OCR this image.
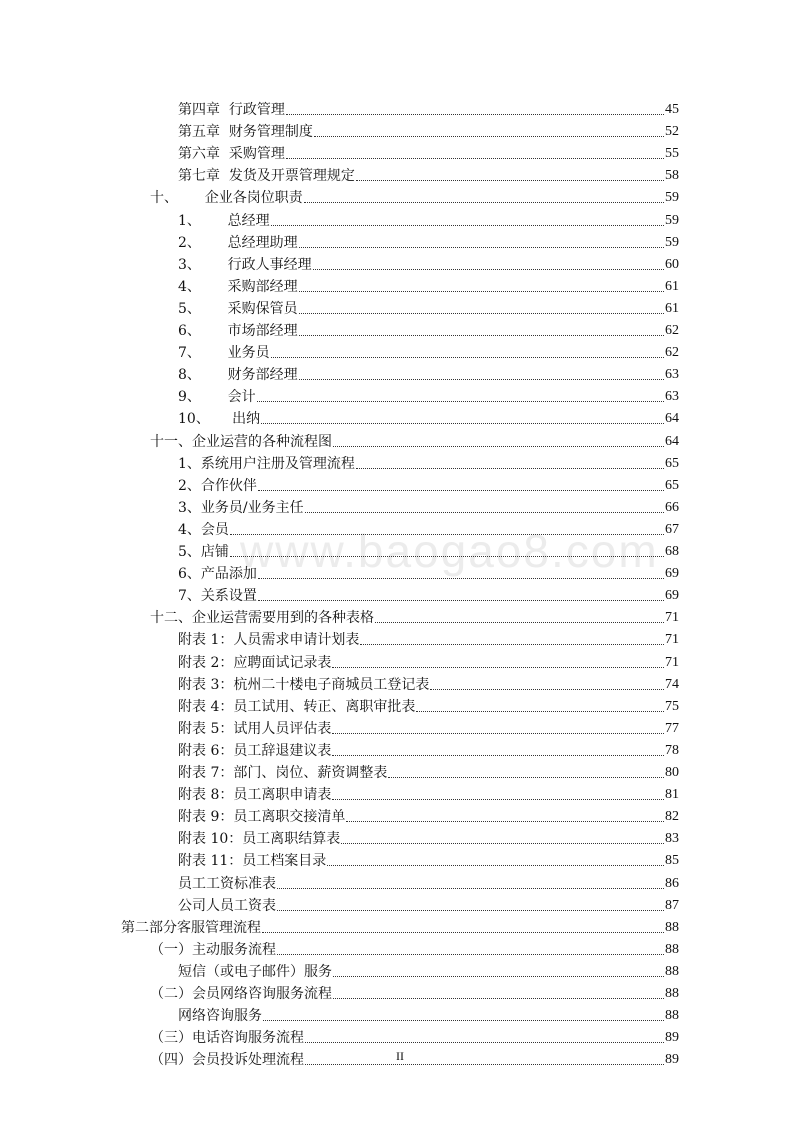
www.baogao8.com
第四章  行政管理	45
第五章  财务管理制度	52
第六章  采购管理	55
第七章  发货及开票管理规定	58
十、      企业各岗位职责	59
1、      总经理	59
2、      总经理助理	59
3、      行政人事经理	60
4、      采购部经理	61
5、      采购保管员	61
6、      市场部经理	62
7、      业务员	62
8、      财务部经理	63
9、      会计	63
10、     出纳	64
十一、企业运营的各种流程图	64
1、系统用户注册及管理流程	65
2、合作伙伴	65
3、业务员/业务主任	66
4、会员	67
5、店铺	68
6、产品添加	69
7、关系设置	69
十二、企业运营需要用到的各种表格	71
附表 1：人员需求申请计划表	71
附表 2：应聘面试记录表	71
附表 3：杭州二十楼电子商城员工登记表	74
附表 4：员工试用、转正、离职审批表	75
附表 5：试用人员评估表	77
附表 6：员工辞退建议表	78
附表 7：部门、岗位、薪资调整表	80
附表 8：员工离职申请表	81
附表 9：员工离职交接清单	82
附表 10：员工离职结算表	83
附表 11：员工档案目录	85
员工工资标准表	86
公司人员工资表	87
第二部分客服管理流程	88
（一）主动服务流程	88
短信（或电子邮件）服务	88
（二）会员网络咨询服务流程	88
网络咨询服务	88
（三）电话咨询服务流程	89
（四）会员投诉处理流程	89
II
